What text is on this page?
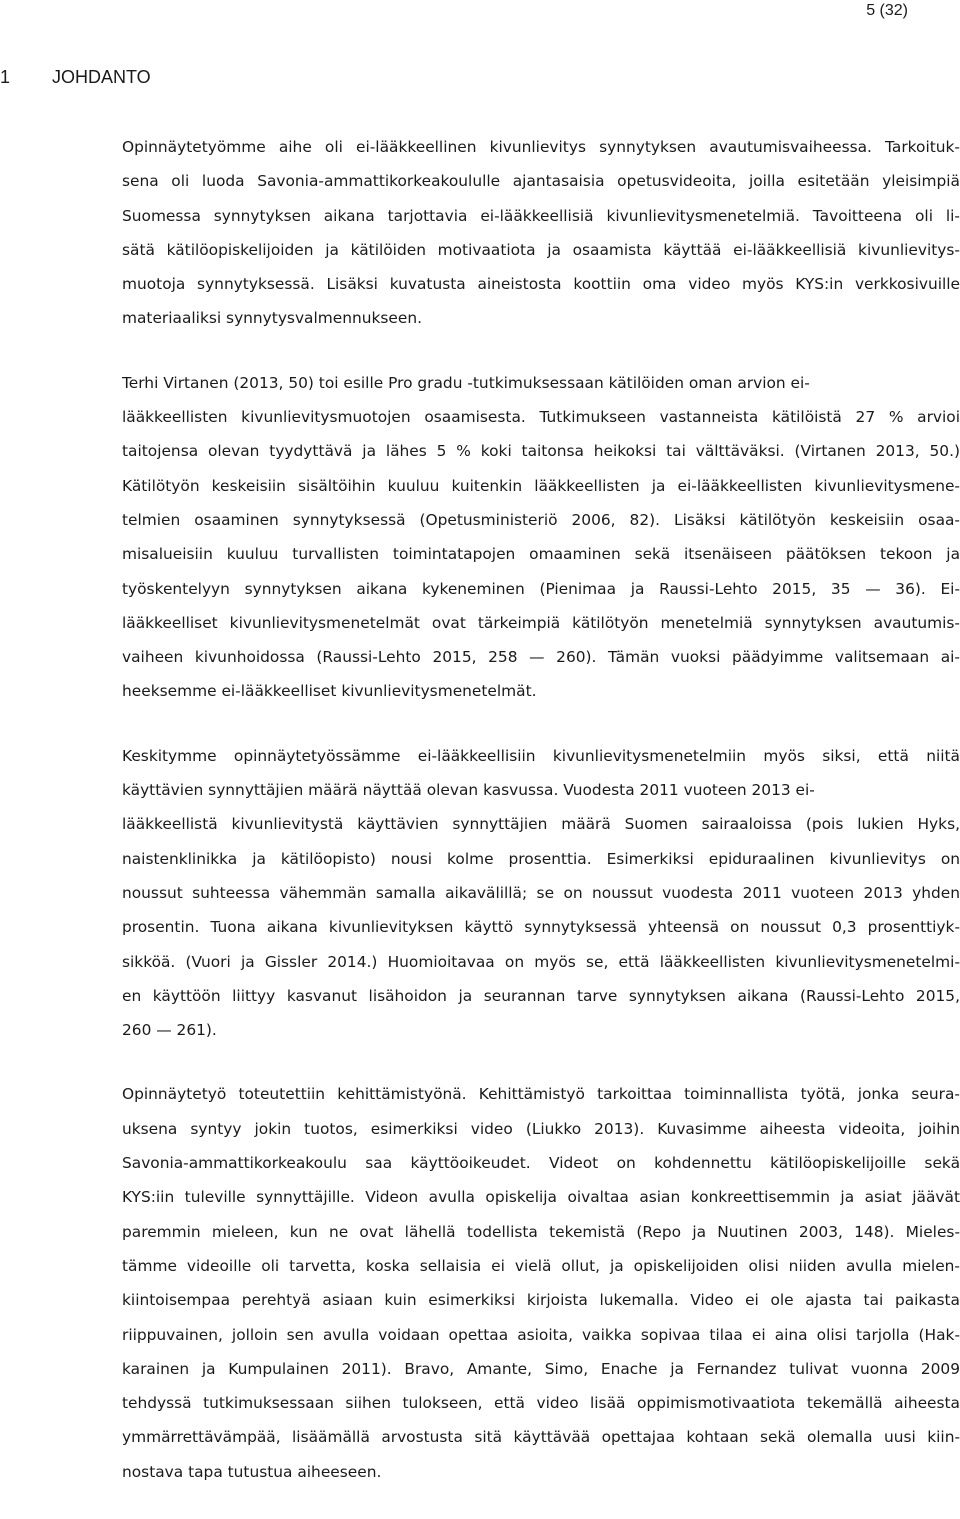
5 (32)
1 JOHDANTO
Opinnäytetyömme aihe oli ei-lääkkeellinen kivunlievitys synnytyksen avautumisvaiheessa. Tarkoituk-
sena oli luoda Savonia-ammattikorkeakoululle ajantasaisia opetusvideoita, joilla esitetään yleisimpiä
Suomessa synnytyksen aikana tarjottavia ei-lääkkeellisiä kivunlievitysmenetelmiä. Tavoitteena oli li-
sätä kätilöopiskelijoiden ja kätilöiden motivaatiota ja osaamista käyttää ei-lääkkeellisiä kivunlievitys-
muotoja synnytyksessä. Lisäksi kuvatusta aineistosta koottiin oma video myös KYS:in verkkosivuille
materiaaliksi synnytysvalmennukseen.
Terhi Virtanen (2013, 50) toi esille Pro gradu -tutkimuksessaan kätilöiden oman arvion ei-
lääkkeellisten kivunlievitysmuotojen osaamisesta. Tutkimukseen vastanneista kätilöistä 27 % arvioi
taitojensa olevan tyydyttävä ja lähes 5 % koki taitonsa heikoksi tai välttäväksi. (Virtanen 2013, 50.)
Kätilötyön keskeisiin sisältöihin kuuluu kuitenkin lääkkeellisten ja ei-lääkkeellisten kivunlievitysmene-
telmien osaaminen synnytyksessä (Opetusministeriö 2006, 82). Lisäksi kätilötyön keskeisiin osaa-
misalueisiin kuuluu turvallisten toimintatapojen omaaminen sekä itsenäiseen päätöksen tekoon ja
työskentelyyn synnytyksen aikana kykeneminen (Pienimaa ja Raussi-Lehto 2015, 35 — 36). Ei-
lääkkeelliset kivunlievitysmenetelmät ovat tärkeimpiä kätilötyön menetelmiä synnytyksen avautumis-
vaiheen kivunhoidossa (Raussi-Lehto 2015, 258 — 260). Tämän vuoksi päädyimme valitsemaan ai-
heeksemme ei-lääkkeelliset kivunlievitysmenetelmät.
Keskitymme opinnäytetyössämme ei-lääkkeellisiin kivunlievitysmenetelmiin myös siksi, että niitä
käyttävien synnyttäjien määrä näyttää olevan kasvussa. Vuodesta 2011 vuoteen 2013 ei-
lääkkeellistä kivunlievitystä käyttävien synnyttäjien määrä Suomen sairaaloissa (pois lukien Hyks,
naistenklinikka ja kätilöopisto) nousi kolme prosenttia. Esimerkiksi epiduraalinen kivunlievitys on
noussut suhteessa vähemmän samalla aikavälillä; se on noussut vuodesta 2011 vuoteen 2013 yhden
prosentin. Tuona aikana kivunlievityksen käyttö synnytyksessä yhteensä on noussut 0,3 prosenttiyk-
sikköä. (Vuori ja Gissler 2014.) Huomioitavaa on myös se, että lääkkeellisten kivunlievitysmenetelmi-
en käyttöön liittyy kasvanut lisähoidon ja seurannan tarve synnytyksen aikana (Raussi-Lehto 2015,
260 — 261).
Opinnäytetyö toteutettiin kehittämistyönä. Kehittämistyö tarkoittaa toiminnallista työtä, jonka seura-
uksena syntyy jokin tuotos, esimerkiksi video (Liukko 2013). Kuvasimme aiheesta videoita, joihin
Savonia-ammattikorkeakoulu saa käyttöoikeudet. Videot on kohdennettu kätilöopiskelijoille sekä
KYS:iin tuleville synnyttäjille. Videon avulla opiskelija oivaltaa asian konkreettisemmin ja asiat jäävät
paremmin mieleen, kun ne ovat lähellä todellista tekemistä (Repo ja Nuutinen 2003, 148). Mieles-
tämme videoille oli tarvetta, koska sellaisia ei vielä ollut, ja opiskelijoiden olisi niiden avulla mielen-
kiintoisempaa perehtyä asiaan kuin esimerkiksi kirjoista lukemalla. Video ei ole ajasta tai paikasta
riippuvainen, jolloin sen avulla voidaan opettaa asioita, vaikka sopivaa tilaa ei aina olisi tarjolla (Hak-
karainen ja Kumpulainen 2011). Bravo, Amante, Simo, Enache ja Fernandez tulivat vuonna 2009
tehdyssä tutkimuksessaan siihen tulokseen, että video lisää oppimismotivaatiota tekemällä aiheesta
ymmärrettävämpää, lisäämällä arvostusta sitä käyttävää opettajaa kohtaan sekä olemalla uusi kiin-
nostava tapa tutustua aiheeseen.
